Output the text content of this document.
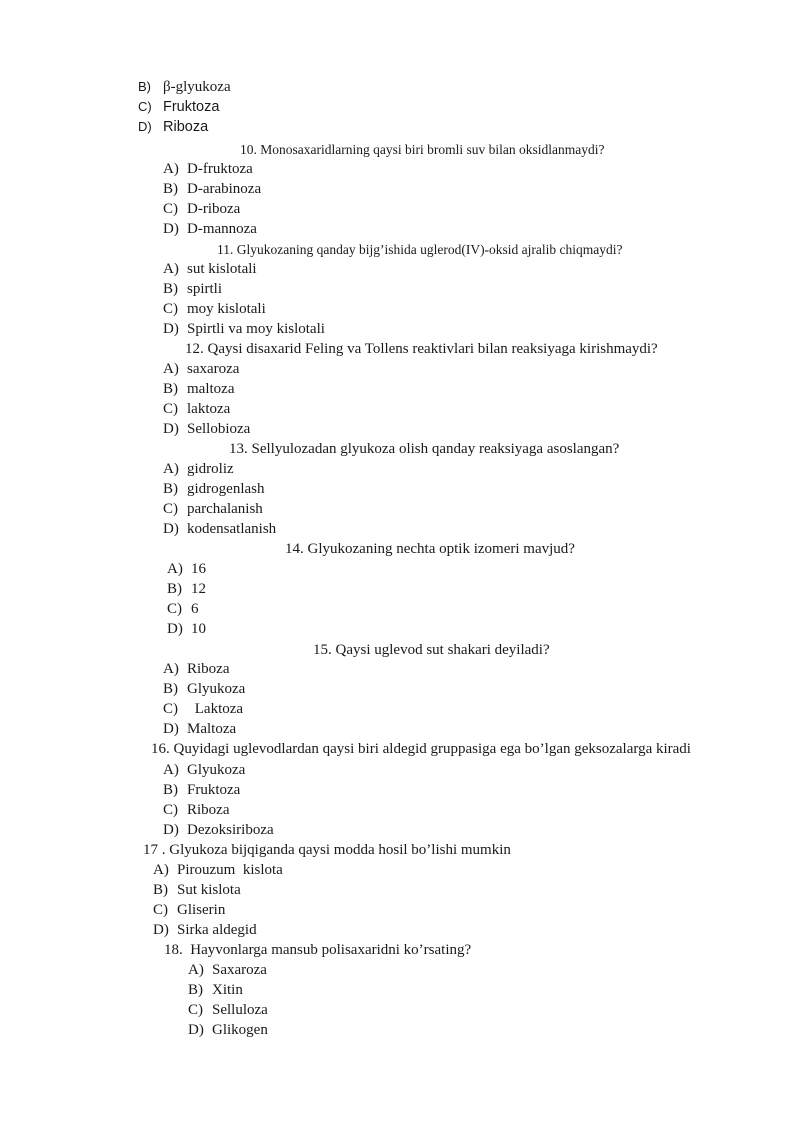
B) β-glyukoza
C) Fruktoza
D) Riboza
10. Monosaxaridlarning qaysi biri bromli suv bilan oksidlanmaydi?
A) D-fruktoza
B) D-arabinoza
C) D-riboza
D) D-mannoza
11. Glyukozaning qanday bijg’ishida uglerod(IV)-oksid ajralib chiqmaydi?
A) sut kislotali
B) spirtli
C) moy kislotali
D) Spirtli va moy kislotali
12. Qaysi disaxarid Feling va Tollens reaktivlari bilan reaksiyaga kirishmaydi?
A) saxaroza
B) maltoza
C) laktoza
D) Sellobioza
13. Sellyulozadan glyukoza olish qanday reaksiyaga asoslangan?
A) gidroliz
B) gidrogenlash
C) parchalanish
D) kodensatlanish
14. Glyukozaning nechta optik izomeri mavjud?
A) 16
B) 12
C) 6
D) 10
15. Qaysi uglevod sut shakari deyiladi?
A) Riboza
B) Glyukoza
C) Laktoza
D) Maltoza
16. Quyidagi uglevodlardan qaysi biri aldegid gruppasiga ega bo’lgan geksozalarga kiradi
A) Glyukoza
B) Fruktoza
C) Riboza
D) Dezoksiriboza
17 . Glyukoza bijqiganda qaysi modda hosil bo’lishi mumkin
A) Pirouzum  kislota
B) Sut kislota
C) Gliserin
D) Sirka aldegid
18.  Hayvonlarga mansub polisaxaridni ko’rsating?
A) Saxaroza
B) Xitin
C) Selluloza
D) Glikogen
